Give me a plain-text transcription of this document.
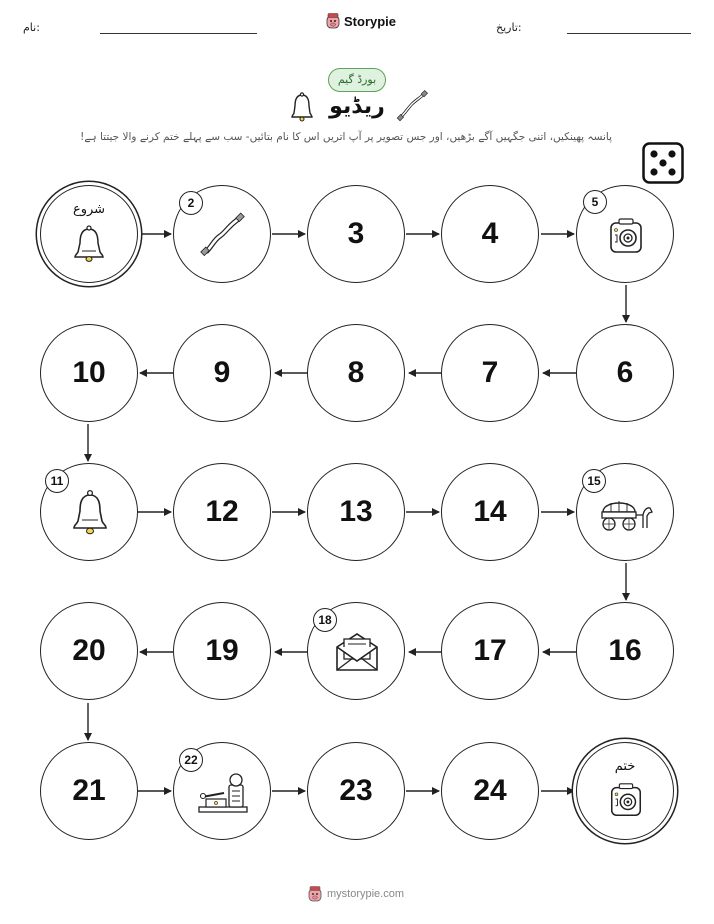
نام:	Storypie	تاریخ:
بورڈ گیم
ریڈیو
پانسہ پھینکیں، اتنی جگہیں آگے بڑھیں، اور جس تصویر پر آپ اتریں اس کا نام بتائیں- سب سے پہلے ختم کرنے والا جیتتا ہے!
شروع	2
3	4
5
10	9	8	7	6
11
12	13	14
15
20	19
18
17	16
21
22
23	24
ختم
mystorypie.com
